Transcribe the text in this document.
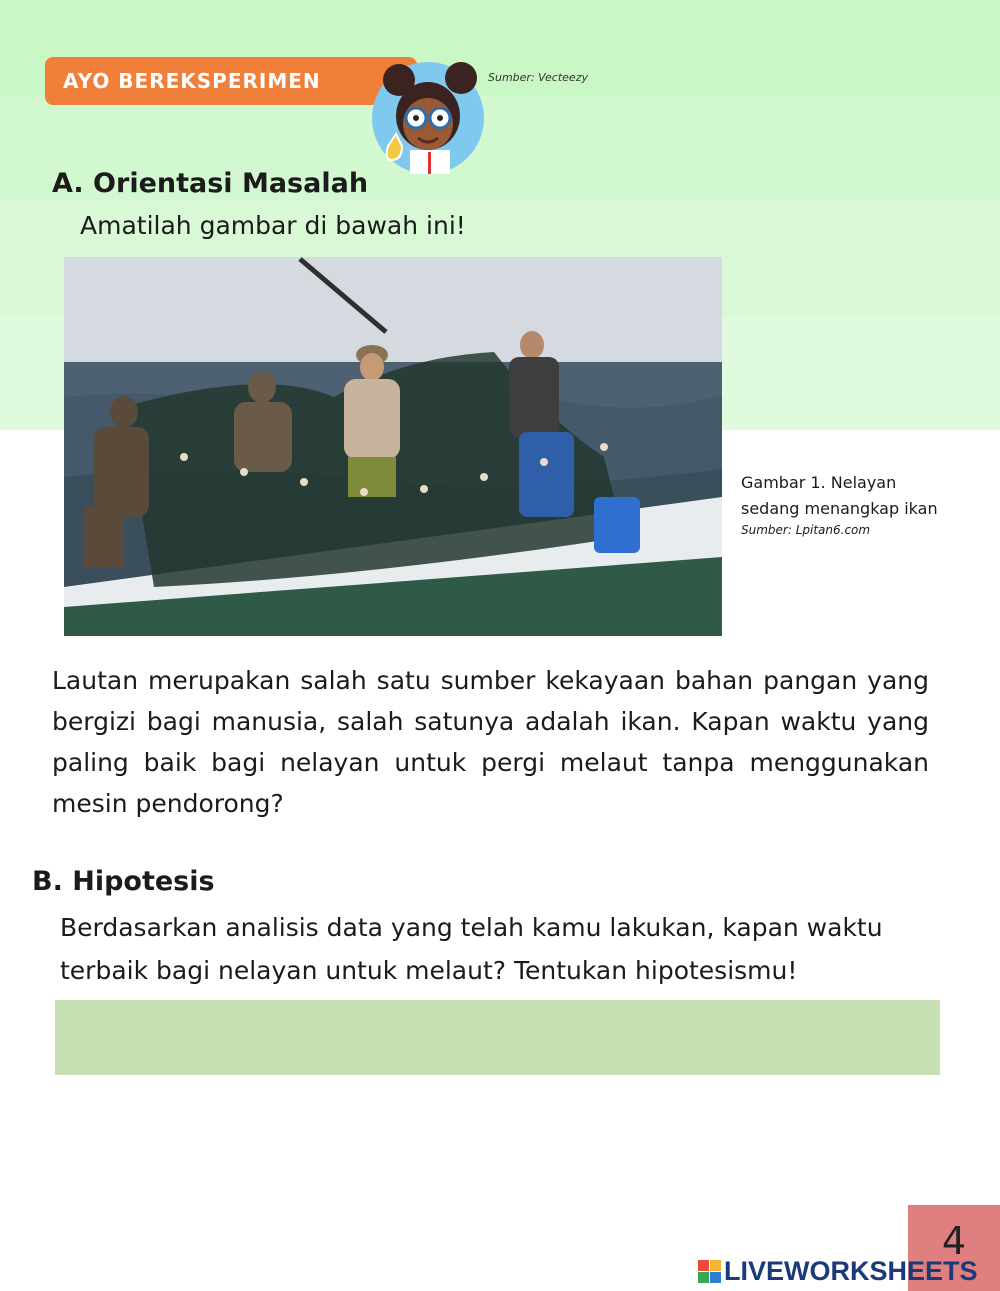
AYO BEREKSPERIMEN	Sumber: Vecteezy
A. Orientasi Masalah
Amatilah gambar di bawah ini!
Gambar 1. Nelayan
sedang menangkap ikan
Sumber: Lpitan6.com
Lautan merupakan salah satu sumber kekayaan bahan pangan yang bergizi bagi manusia, salah satunya adalah ikan. Kapan waktu yang paling baik bagi nelayan untuk pergi melaut tanpa menggunakan mesin pendorong?
B. Hipotesis
Berdasarkan analisis data yang telah kamu lakukan, kapan waktu terbaik bagi nelayan untuk melaut? Tentukan hipotesismu!
4
LIVEWORKSHEETS
